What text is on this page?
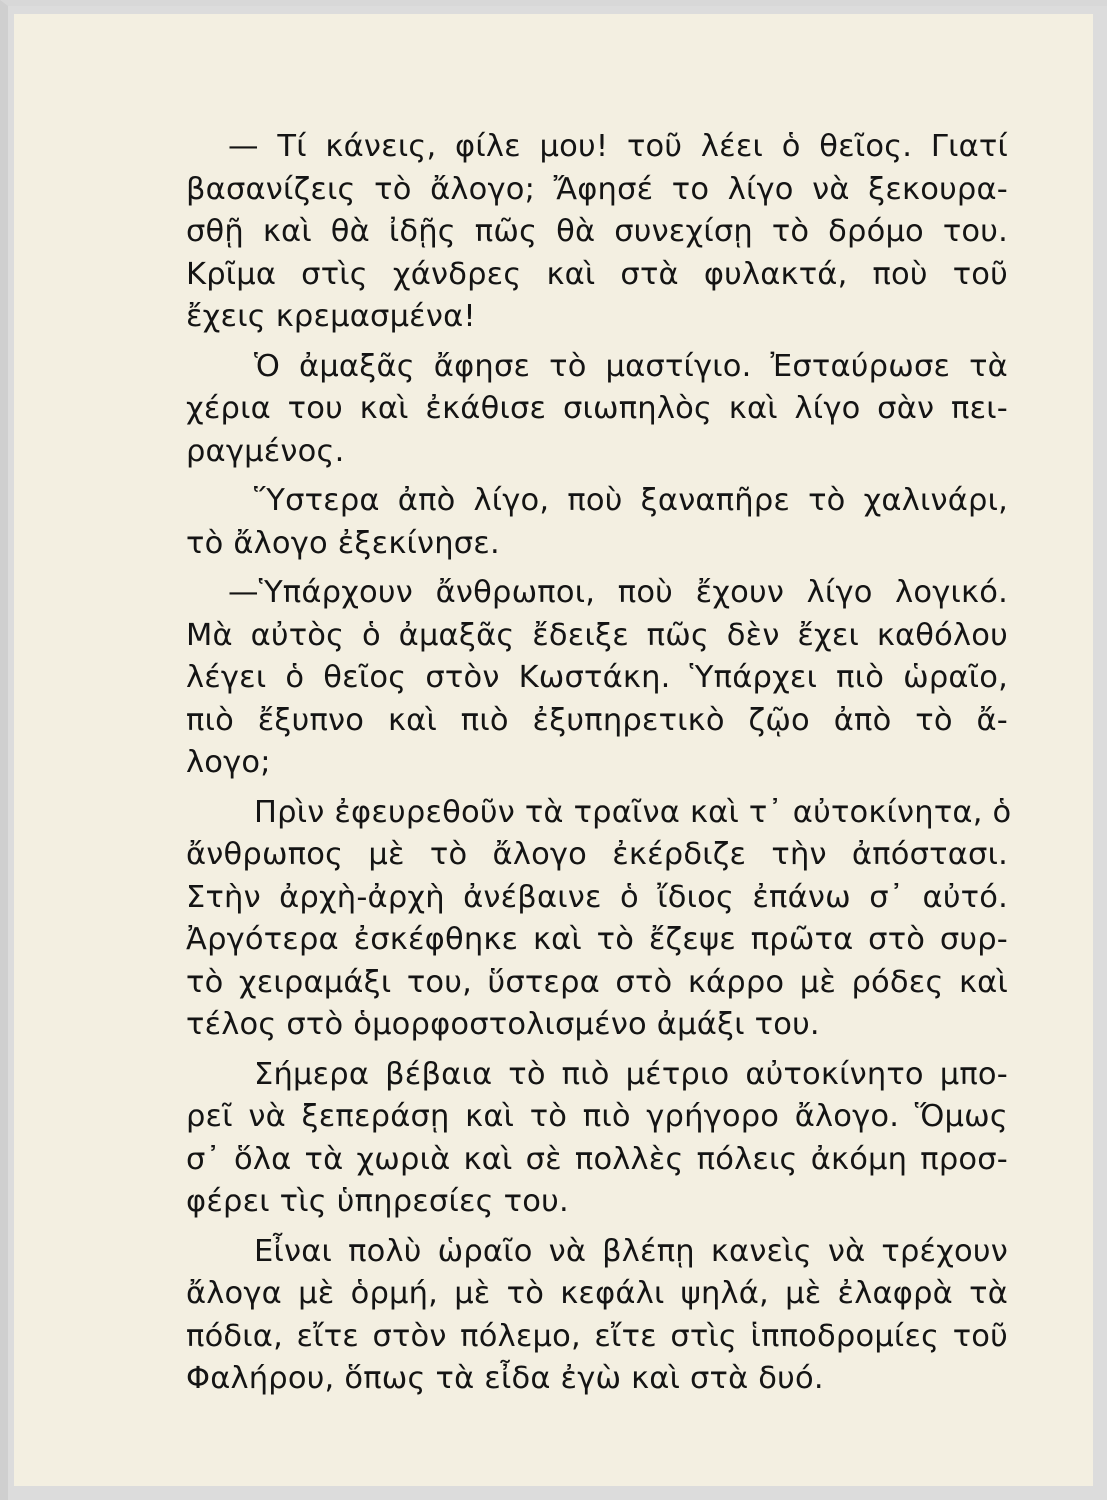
— Τί κάνεις, φίλε μου! τοῦ λέει ὁ θεῖος. Γιατί
βασανίζεις τὸ ἄλογο; Ἄφησέ το λίγο νὰ ξεκουρα-
σθῇ καὶ θὰ ἰδῇς πῶς θὰ συνεχίσῃ τὸ δρόμο του.
Κρῖμα στὶς χάνδρες καὶ στὰ φυλακτά, ποὺ τοῦ
ἔχεις κρεμασμένα!
Ὁ ἀμαξᾶς ἄφησε τὸ μαστίγιο. Ἐσταύρωσε τὰ
χέρια του καὶ ἐκάθισε σιωπηλὸς καὶ λίγο σὰν πει-
ραγμένος.
Ὕστερα ἀπὸ λίγο, ποὺ ξαναπῆρε τὸ χαλινάρι,
τὸ ἄλογο ἐξεκίνησε.
—Ὑπάρχουν ἄνθρωποι, ποὺ ἔχουν λίγο λογικό.
Μὰ αὐτὸς ὁ ἀμαξᾶς ἔδειξε πῶς δὲν ἔχει καθόλου
λέγει ὁ θεῖος στὸν Κωστάκη. Ὑπάρχει πιὸ ὡραῖο,
πιὸ ἔξυπνο καὶ πιὸ ἐξυπηρετικὸ ζῷο ἀπὸ τὸ ἄ-
λογο;
Πρὶν ἐφευρεθοῦν τὰ τραῖνα καὶ τ᾿ αὐτοκίνητα, ὁ
ἄνθρωπος μὲ τὸ ἄλογο ἐκέρδιζε τὴν ἀπόστασι.
Στὴν ἀρχὴ-ἀρχὴ ἀνέβαινε ὁ ἴδιος ἐπάνω σ᾿ αὐτό.
Ἀργότερα ἐσκέφθηκε καὶ τὸ ἔζεψε πρῶτα στὸ συρ-
τὸ χειραμάξι του, ὕστερα στὸ κάρρο μὲ ρόδες καὶ
τέλος στὸ ὁμορφοστολισμένο ἀμάξι του.
Σήμερα βέβαια τὸ πιὸ μέτριο αὐτοκίνητο μπο-
ρεῖ νὰ ξεπεράσῃ καὶ τὸ πιὸ γρήγορο ἄλογο. Ὅμως
σ᾿ ὅλα τὰ χωριὰ καὶ σὲ πολλὲς πόλεις ἀκόμη προσ-
φέρει τὶς ὑπηρεσίες του.
Εἶναι πολὺ ὡραῖο νὰ βλέπῃ κανεὶς νὰ τρέχουν
ἄλογα μὲ ὁρμή, μὲ τὸ κεφάλι ψηλά, μὲ ἐλαφρὰ τὰ
πόδια, εἴτε στὸν πόλεμο, εἴτε στὶς ἱπποδρομίες τοῦ
Φαλήρου, ὅπως τὰ εἶδα ἐγὼ καὶ στὰ δυό.
